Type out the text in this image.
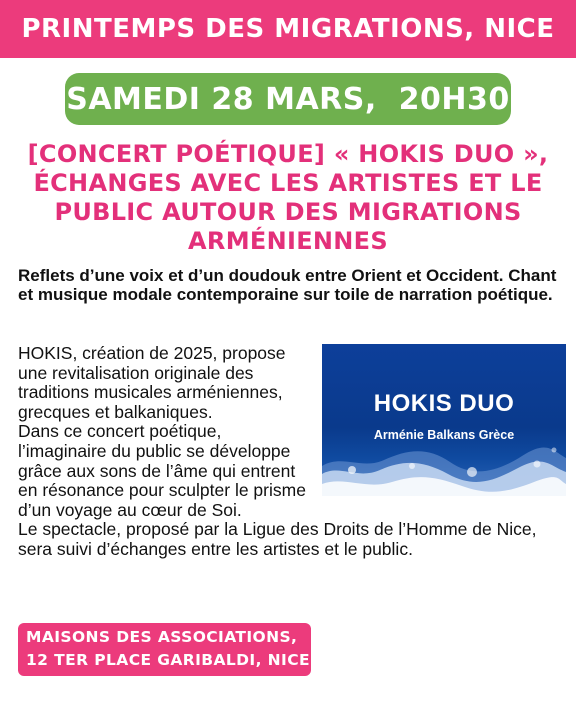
PRINTEMPS DES MIGRATIONS, NICE
SAMEDI 28 MARS,  20H30
[CONCERT POÉTIQUE] « HOKIS DUO »,
ÉCHANGES AVEC LES ARTISTES ET LE
PUBLIC AUTOUR DES MIGRATIONS
ARMÉNIENNES
Reflets d’une voix et d’un doudouk entre Orient et Occident. Chant et musique modale contemporaine sur toile de narration poétique.
HOKIS DUO
Arménie Balkans Grèce
HOKIS, création de 2025, propose une revitalisation originale des traditions musicales arméniennes, grecques et balkaniques.
Dans ce concert poétique, l’imaginaire du public se développe grâce aux sons de l’âme qui entrent en résonance pour sculpter le prisme d’un voyage au cœur de Soi.
Le spectacle, proposé par la Ligue des Droits de l’Homme de Nice, sera suivi d’échanges entre les artistes et le public.
MAISONS DES ASSOCIATIONS,
12 TER PLACE GARIBALDI, NICE
